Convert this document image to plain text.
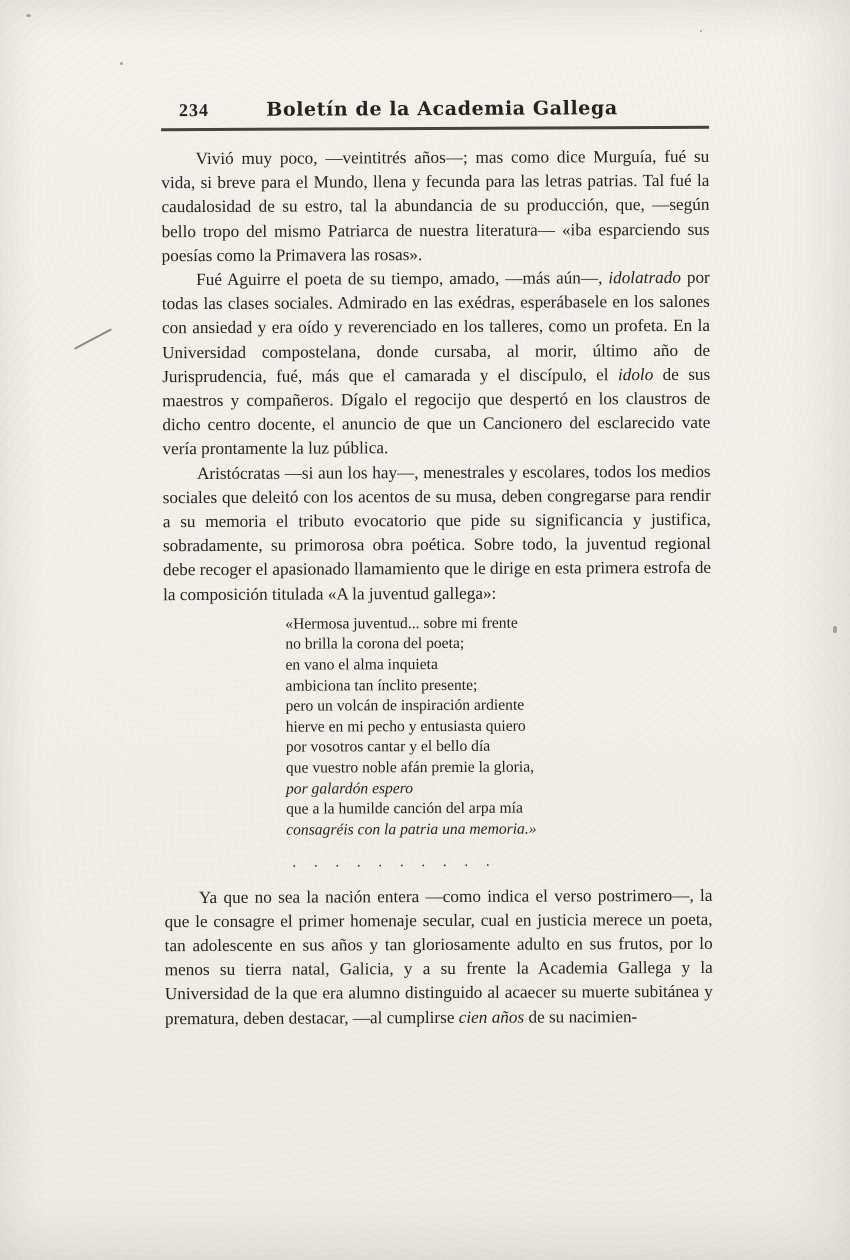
234	Boletín de la Academia Gallega

Vivió muy poco, —veintitrés años—; mas como dice Murguía, fué su vida, si breve para el Mundo, llena y fecunda para las letras patrias. Tal fué la caudalosidad de su estro, tal la abundancia de su producción, que, —según bello tropo del mismo Patriarca de nuestra literatura— «iba esparciendo sus poesías como la Primavera las rosas».

Fué Aguirre el poeta de su tiempo, amado, —más aún—, idolatrado por todas las clases sociales. Admirado en las exédras, esperábasele en los salones con ansiedad y era oído y reverenciado en los talleres, como un profeta. En la Universidad compostelana, donde cursaba, al morir, último año de Jurisprudencia, fué, más que el camarada y el discípulo, el idolo de sus maestros y compañeros. Dígalo el regocijo que despertó en los claustros de dicho centro docente, el anuncio de que un Cancionero del esclarecido vate vería prontamente la luz pública.

Aristócratas —si aun los hay—, menestrales y escolares, todos los medios sociales que deleitó con los acentos de su musa, deben congregarse para rendir a su memoria el tributo evocatorio que pide su significancia y justifica, sobradamente, su primorosa obra poética. Sobre todo, la juventud regional debe recoger el apasionado llamamiento que le dirige en esta primera estrofa de la composición titulada «A la juventud gallega»:

«Hermosa juventud... sobre mi frente
no brilla la corona del poeta;
en vano el alma inquieta
ambiciona tan ínclito presente;
pero un volcán de inspiración ardiente
hierve en mi pecho y entusiasta quiero
por vosotros cantar y el bello día
que vuestro noble afán premie la gloria,
por galardón espero
que a la humilde canción del arpa mía
consagréis con la patria una memoria.»
. . . . . . . . . .

Ya que no sea la nación entera —como indica el verso postrimero—, la que le consagre el primer homenaje secular, cual en justicia merece un poeta, tan adolescente en sus años y tan gloriosamente adulto en sus frutos, por lo menos su tierra natal, Galicia, y a su frente la Academia Gallega y la Universidad de la que era alumno distinguido al acaecer su muerte subitánea y prematura, deben destacar, —al cumplirse cien años de su nacimien-
